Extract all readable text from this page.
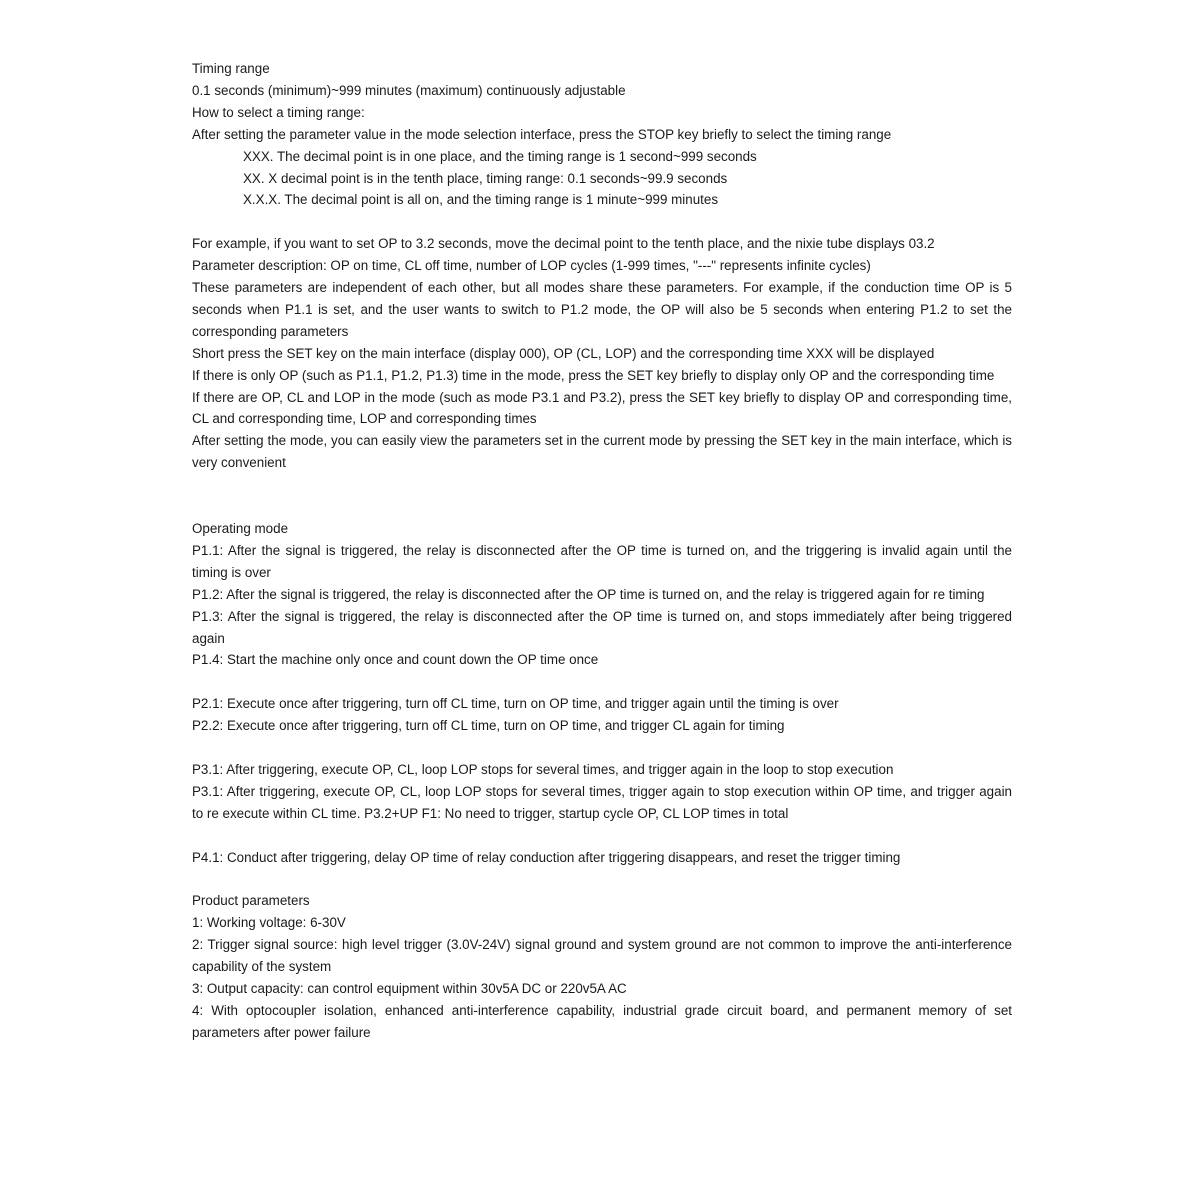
Timing range

0.1 seconds (minimum)~999 minutes (maximum) continuously adjustable

How to select a timing range:

After setting the parameter value in the mode selection interface, press the STOP key briefly to select the timing range

XXX. The decimal point is in one place, and the timing range is 1 second~999 seconds

XX. X decimal point is in the tenth place, timing range: 0.1 seconds~99.9 seconds

X.X.X. The decimal point is all on, and the timing range is 1 minute~999 minutes

For example, if you want to set OP to 3.2 seconds, move the decimal point to the tenth place, and the nixie tube displays 03.2

Parameter description: OP on time, CL off time, number of LOP cycles (1-999 times, "---" represents infinite cycles)

These parameters are independent of each other, but all modes share these parameters. For example, if the conduction time OP is 5 seconds when P1.1 is set, and the user wants to switch to P1.2 mode, the OP will also be 5 seconds when entering P1.2 to set the corresponding parameters

Short press the SET key on the main interface (display 000), OP (CL, LOP) and the corresponding time XXX will be displayed

If there is only OP (such as P1.1, P1.2, P1.3) time in the mode, press the SET key briefly to display only OP and the corresponding time

If there are OP, CL and LOP in the mode (such as mode P3.1 and P3.2), press the SET key briefly to display OP and corresponding time, CL and corresponding time, LOP and corresponding times

After setting the mode, you can easily view the parameters set in the current mode by pressing the SET key in the main interface, which is very convenient

Operating mode

P1.1: After the signal is triggered, the relay is disconnected after the OP time is turned on, and the triggering is invalid again until the timing is over

P1.2: After the signal is triggered, the relay is disconnected after the OP time is turned on, and the relay is triggered again for re timing

P1.3: After the signal is triggered, the relay is disconnected after the OP time is turned on, and stops immediately after being triggered again

P1.4: Start the machine only once and count down the OP time once

P2.1: Execute once after triggering, turn off CL time, turn on OP time, and trigger again until the timing is over

P2.2: Execute once after triggering, turn off CL time, turn on OP time, and trigger CL again for timing

P3.1: After triggering, execute OP, CL, loop LOP stops for several times, and trigger again in the loop to stop execution

P3.1: After triggering, execute OP, CL, loop LOP stops for several times, trigger again to stop execution within OP time, and trigger again to re execute within CL time. P3.2+UP F1: No need to trigger, startup cycle OP, CL LOP times in total

P4.1: Conduct after triggering, delay OP time of relay conduction after triggering disappears, and reset the trigger timing

Product parameters

1: Working voltage: 6-30V

2: Trigger signal source: high level trigger (3.0V-24V) signal ground and system ground are not common to improve the anti-interference capability of the system

3: Output capacity: can control equipment within 30v5A DC or 220v5A AC

4: With optocoupler isolation, enhanced anti-interference capability, industrial grade circuit board, and permanent memory of set parameters after power failure
